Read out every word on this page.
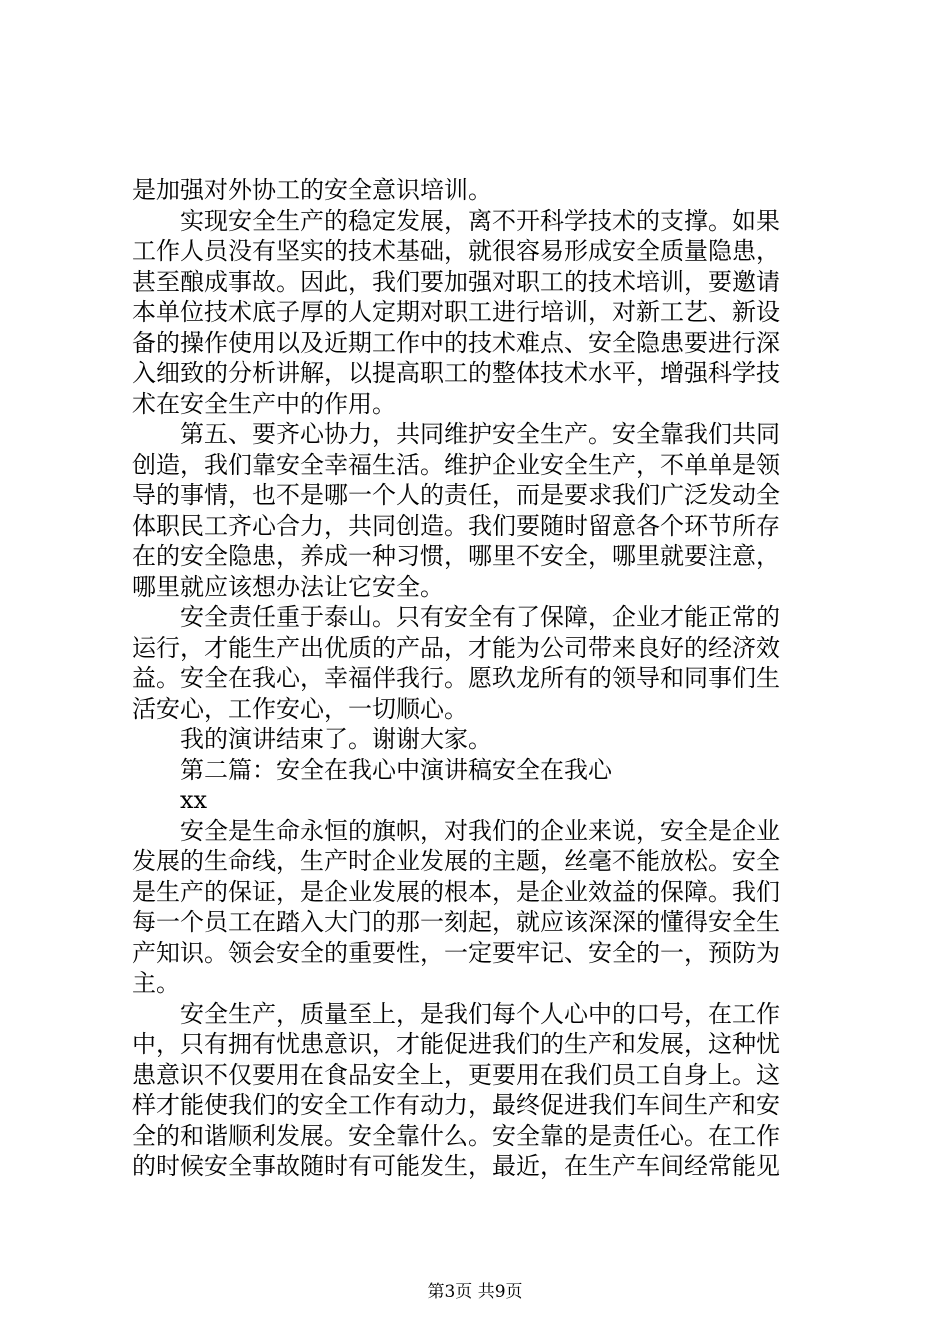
是加强对外协工的安全意识培训。
实现安全生产的稳定发展，离不开科学技术的支撑。如果
工作人员没有坚实的技术基础，就很容易形成安全质量隐患，
甚至酿成事故。因此，我们要加强对职工的技术培训，要邀请
本单位技术底子厚的人定期对职工进行培训，对新工艺、新设
备的操作使用以及近期工作中的技术难点、安全隐患要进行深
入细致的分析讲解，以提高职工的整体技术水平，增强科学技
术在安全生产中的作用。
第五、要齐心协力，共同维护安全生产。安全靠我们共同
创造，我们靠安全幸福生活。维护企业安全生产，不单单是领
导的事情，也不是哪一个人的责任，而是要求我们广泛发动全
体职民工齐心合力，共同创造。我们要随时留意各个环节所存
在的安全隐患，养成一种习惯，哪里不安全，哪里就要注意，
哪里就应该想办法让它安全。
安全责任重于泰山。只有安全有了保障，企业才能正常的
运行，才能生产出优质的产品，才能为公司带来良好的经济效
益。安全在我心，幸福伴我行。愿玖龙所有的领导和同事们生
活安心，工作安心，一切顺心。
我的演讲结束了。谢谢大家。
第二篇：安全在我心中演讲稿安全在我心
xx
安全是生命永恒的旗帜，对我们的企业来说，安全是企业
发展的生命线，生产时企业发展的主题，丝毫不能放松。安全
是生产的保证，是企业发展的根本，是企业效益的保障。我们
每一个员工在踏入大门的那一刻起，就应该深深的懂得安全生
产知识。领会安全的重要性，一定要牢记、安全的一，预防为
主。
安全生产，质量至上，是我们每个人心中的口号，在工作
中，只有拥有忧患意识，才能促进我们的生产和发展，这种忧
患意识不仅要用在食品安全上，更要用在我们员工自身上。这
样才能使我们的安全工作有动力，最终促进我们车间生产和安
全的和谐顺利发展。安全靠什么。安全靠的是责任心。在工作
第3页 共9页
的时候安全事故随时有可能发生，最近，在生产车间经常能见
